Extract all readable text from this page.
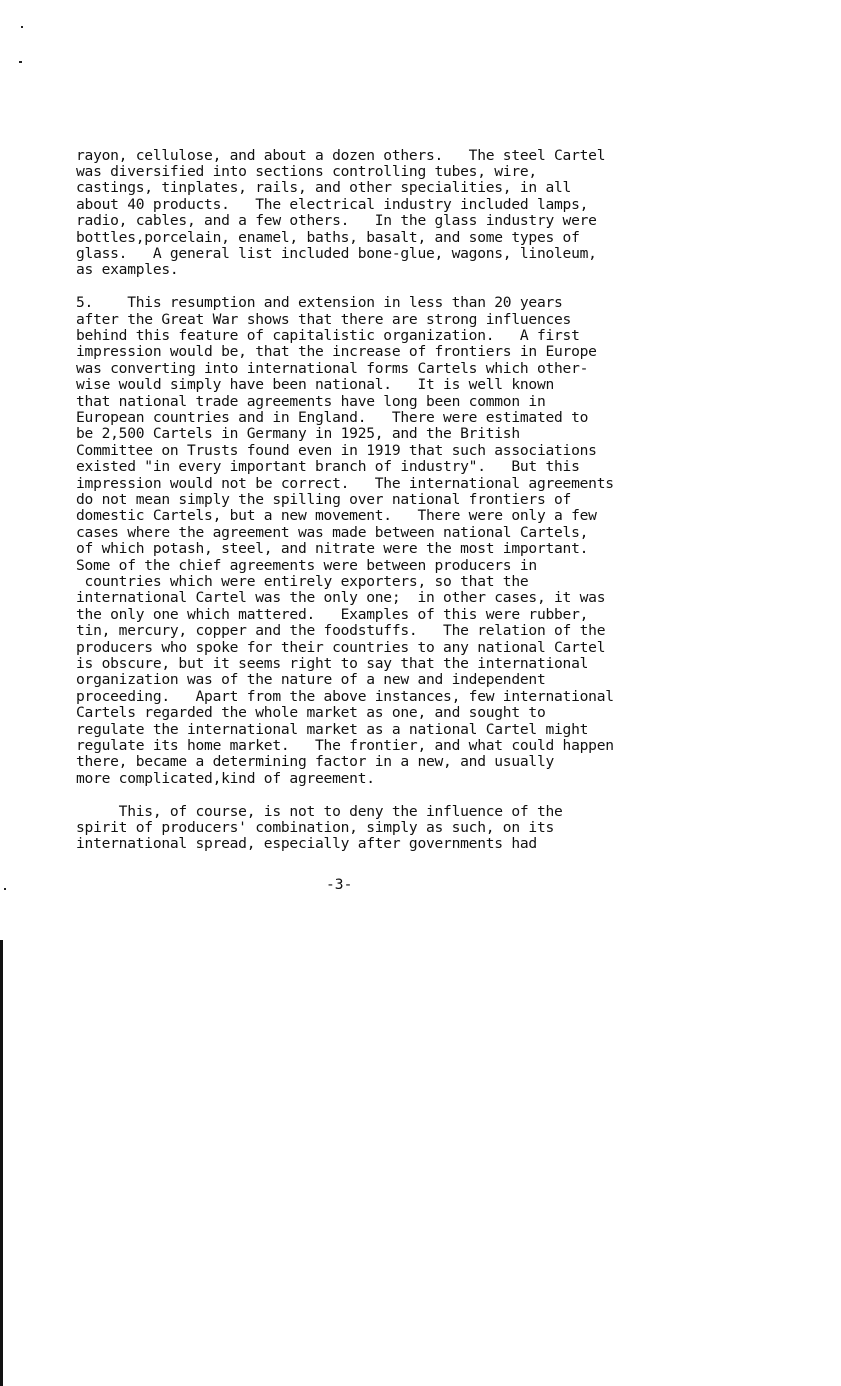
rayon, cellulose, and about a dozen others.   The steel Cartel
was diversified into sections controlling tubes, wire,
castings, tinplates, rails, and other specialities, in all
about 40 products.   The electrical industry included lamps,
radio, cables, and a few others.   In the glass industry were
bottles,porcelain, enamel, baths, basalt, and some types of
glass.   A general list included bone-glue, wagons, linoleum,
as examples.
5.    This resumption and extension in less than 20 years
after the Great War shows that there are strong influences
behind this feature of capitalistic organization.   A first
impression would be, that the increase of frontiers in Europe
was converting into international forms Cartels which other-
wise would simply have been national.   It is well known
that national trade agreements have long been common in
European countries and in England.   There were estimated to
be 2,500 Cartels in Germany in 1925, and the British
Committee on Trusts found even in 1919 that such associations
existed "in every important branch of industry".   But this
impression would not be correct.   The international agreements
do not mean simply the spilling over national frontiers of
domestic Cartels, but a new movement.   There were only a few
cases where the agreement was made between national Cartels,
of which potash, steel, and nitrate were the most important.
Some of the chief agreements were between producers in
countries which were entirely exporters, so that the
international Cartel was the only one;  in other cases, it was
the only one which mattered.   Examples of this were rubber,
tin, mercury, copper and the foodstuffs.   The relation of the
producers who spoke for their countries to any national Cartel
is obscure, but it seems right to say that the international
organization was of the nature of a new and independent
proceeding.   Apart from the above instances, few international
Cartels regarded the whole market as one, and sought to
regulate the international market as a national Cartel might
regulate its home market.   The frontier, and what could happen
there, became a determining factor in a new, and usually
more complicated,kind of agreement.
This, of course, is not to deny the influence of the
spirit of producers' combination, simply as such, on its
international spread, especially after governments had
-3-
